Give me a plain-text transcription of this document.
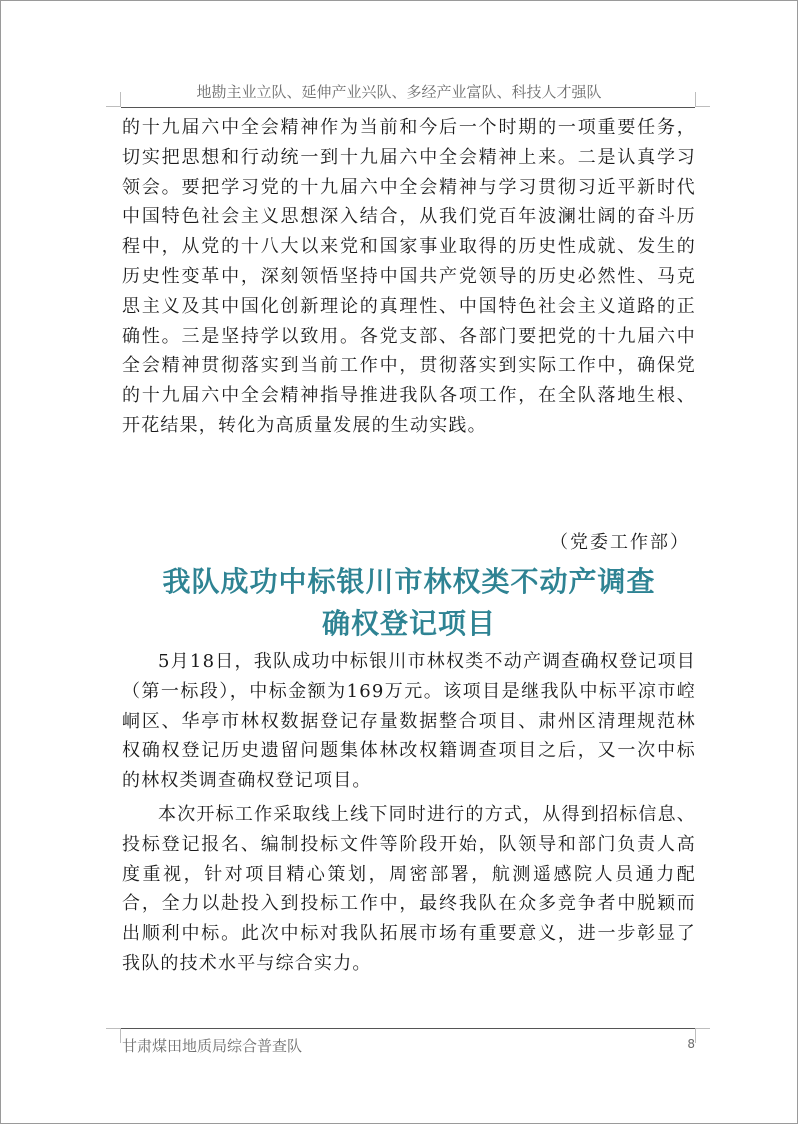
地勘主业立队、延伸产业兴队、多经产业富队、科技人才强队

的十九届六中全会精神作为当前和今后一个时期的一项重要任务，切实把思想和行动统一到十九届六中全会精神上来。二是认真学习领会。要把学习党的十九届六中全会精神与学习贯彻习近平新时代中国特色社会主义思想深入结合，从我们党百年波澜壮阔的奋斗历程中，从党的十八大以来党和国家事业取得的历史性成就、发生的历史性变革中，深刻领悟坚持中国共产党领导的历史必然性、马克思主义及其中国化创新理论的真理性、中国特色社会主义道路的正确性。三是坚持学以致用。各党支部、各部门要把党的十九届六中全会精神贯彻落实到当前工作中，贯彻落实到实际工作中，确保党的十九届六中全会精神指导推进我队各项工作，在全队落地生根、开花结果，转化为高质量发展的生动实践。

（党委工作部）
我队成功中标银川市林权类不动产调查
确权登记项目

5月18日，我队成功中标银川市林权类不动产调查确权登记项目（第一标段），中标金额为169万元。该项目是继我队中标平凉市崆峒区、华亭市林权数据登记存量数据整合项目、肃州区清理规范林权确权登记历史遗留问题集体林改权籍调查项目之后，又一次中标的林权类调查确权登记项目。

本次开标工作采取线上线下同时进行的方式，从得到招标信息、投标登记报名、编制投标文件等阶段开始，队领导和部门负责人高度重视，针对项目精心策划，周密部署，航测遥感院人员通力配合，全力以赴投入到投标工作中，最终我队在众多竞争者中脱颖而出顺利中标。此次中标对我队拓展市场有重要意义，进一步彰显了我队的技术水平与综合实力。

甘肃煤田地质局综合普查队	8
